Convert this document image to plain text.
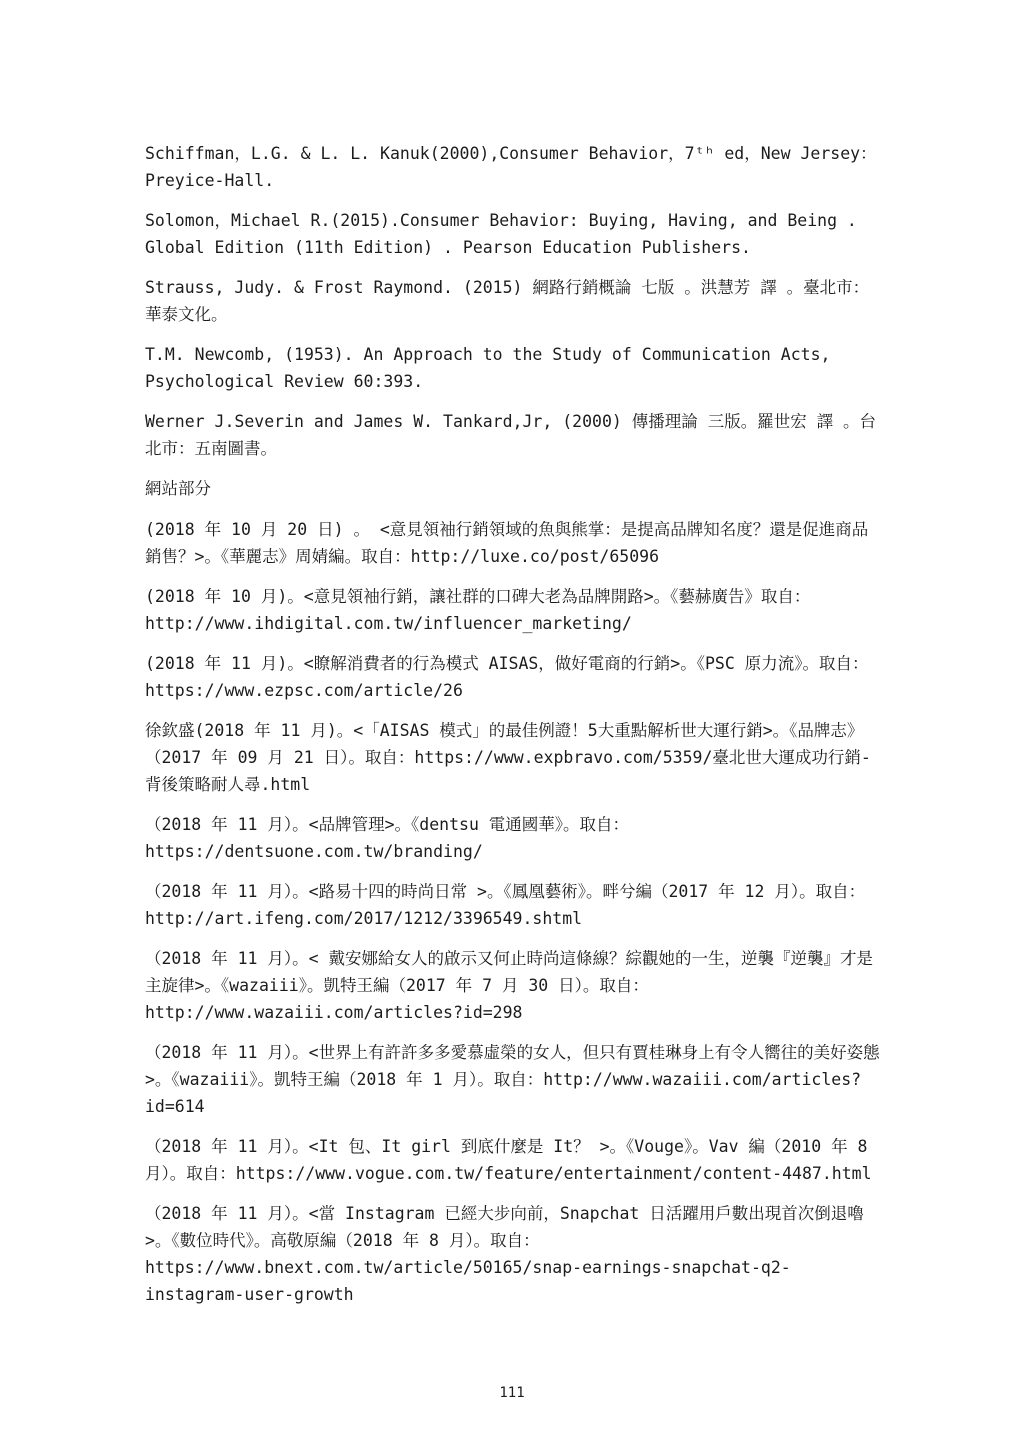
Schiffman，L.G. & L. L. Kanuk(2000),Consumer Behavior，7ᵗʰ ed，New Jersey：Preyice-Hall.

Solomon，Michael R.(2015).Consumer Behavior: Buying, Having, and Being . Global Edition (11th Edition) . Pearson Education Publishers.

Strauss, Judy. & Frost Raymond. (2015) 網路行銷概論 七版 。洪慧芳 譯 。臺北市：華泰文化。

T.M. Newcomb, (1953). An Approach to the Study of Communication Acts, Psychological Review 60:393.

Werner J.Severin and James W. Tankard,Jr, (2000) 傳播理論 三版。羅世宏 譯 。台北市：五南圖書。

網站部分

(2018 年 10 月 20 日) 。 <意見領袖行銷領域的魚與熊掌：是提高品牌知名度？還是促進商品銷售？>。《華麗志》周婧編。取自：http://luxe.co/post/65096

(2018 年 10 月)。<意見領袖行銷，讓社群的口碑大老為品牌開路>。《藝赫廣告》取自：http://www.ihdigital.com.tw/influencer_marketing/

(2018 年 11 月)。<瞭解消費者的行為模式 AISAS，做好電商的行銷>。《PSC 原力流》。取自：https://www.ezpsc.com/article/26

徐欽盛(2018 年 11 月)。<「AISAS 模式」的最佳例證！5大重點解析世大運行銷>。《品牌志》（2017 年 09 月 21 日）。取自：https://www.expbravo.com/5359/臺北世大運成功行銷-背後策略耐人尋.html

（2018 年 11 月）。<品牌管理>。《dentsu 電通國華》。取自：https://dentsuone.com.tw/branding/

（2018 年 11 月）。<路易十四的時尚日常 >。《鳳凰藝術》。畔兮編（2017 年 12 月）。取自：http://art.ifeng.com/2017/1212/3396549.shtml

（2018 年 11 月）。< 戴安娜給女人的啟示又何止時尚這條線？綜觀她的一生，逆襲『逆襲』才是主旋律>。《wazaiii》。凱特王編（2017 年 7 月 30 日）。取自：http://www.wazaiii.com/articles?id=298

（2018 年 11 月）。<世界上有許許多多愛慕虛榮的女人，但只有賈桂琳身上有令人嚮往的美好姿態>。《wazaiii》。凱特王編（2018 年 1 月）。取自：http://www.wazaiii.com/articles?id=614

（2018 年 11 月）。<It 包、It girl 到底什麼是 It？ >。《Vouge》。Vav 編（2010 年 8 月）。取自：https://www.vogue.com.tw/feature/entertainment/content-4487.html

（2018 年 11 月）。<當 Instagram 已經大步向前，Snapchat 日活躍用戶數出現首次倒退嚕 >。《數位時代》。高敬原編（2018 年 8 月）。取自：https://www.bnext.com.tw/article/50165/snap-earnings-snapchat-q2-instagram-user-growth

111
